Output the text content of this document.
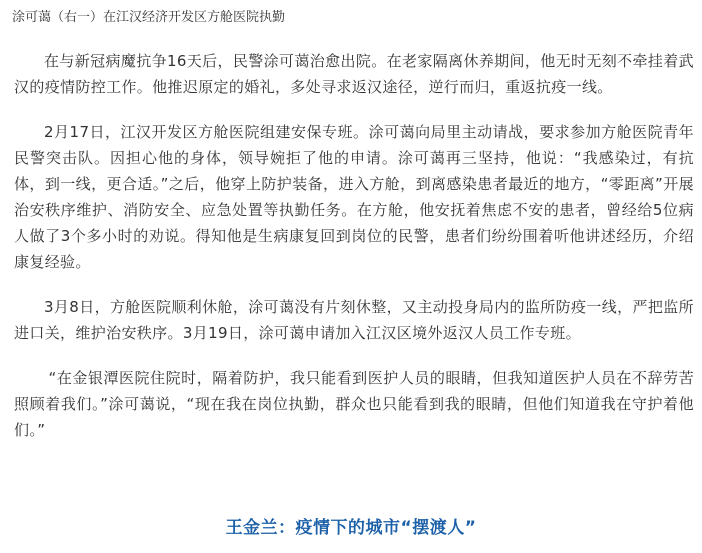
涂可蔼（右一）在江汉经济开发区方舱医院执勤

在与新冠病魔抗争16天后，民警涂可蔼治愈出院。在老家隔离休养期间，他无时无刻不牵挂着武汉的疫情防控工作。他推迟原定的婚礼，多处寻求返汉途径，逆行而归，重返抗疫一线。

2月17日，江汉开发区方舱医院组建安保专班。涂可蔼向局里主动请战，要求参加方舱医院青年民警突击队。因担心他的身体，领导婉拒了他的申请。涂可蔼再三坚持，他说：“我感染过，有抗体，到一线，更合适。”之后，他穿上防护装备，进入方舱，到离感染患者最近的地方，“零距离”开展治安秩序维护、消防安全、应急处置等执勤任务。在方舱，他安抚着焦虑不安的患者，曾经给5位病人做了3个多小时的劝说。得知他是生病康复回到岗位的民警，患者们纷纷围着听他讲述经历，介绍康复经验。

3月8日，方舱医院顺利休舱，涂可蔼没有片刻休整，又主动投身局内的监所防疫一线，严把监所进口关，维护治安秩序。3月19日，涂可蔼申请加入江汉区境外返汉人员工作专班。

“在金银潭医院住院时，隔着防护，我只能看到医护人员的眼睛，但我知道医护人员在不辞劳苦照顾着我们。”涂可蔼说，“现在我在岗位执勤，群众也只能看到我的眼睛，但他们知道我在守护着他们。”

王金兰：疫情下的城市“摆渡人”
